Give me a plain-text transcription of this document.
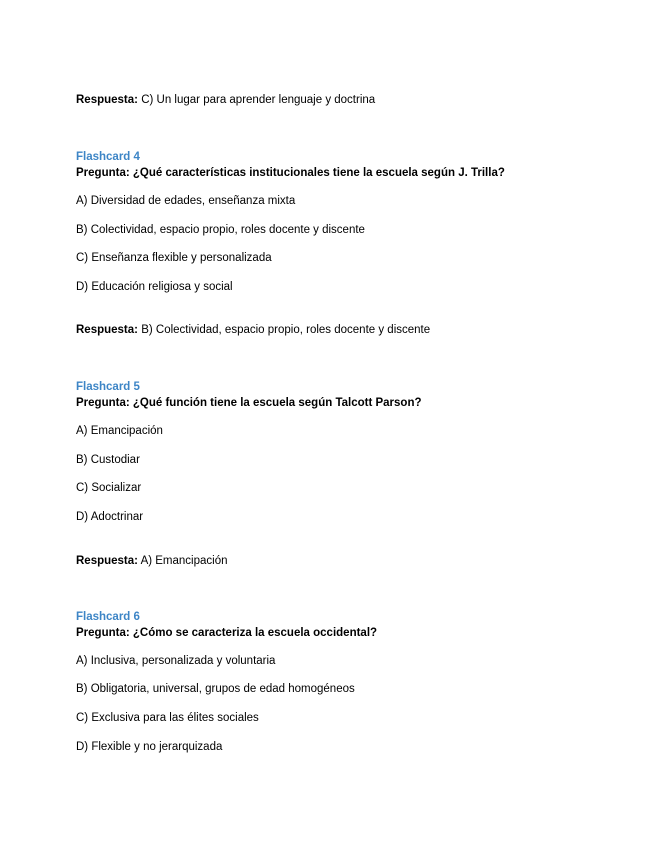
Respuesta: C) Un lugar para aprender lenguaje y doctrina
Flashcard 4
Pregunta: ¿Qué características institucionales tiene la escuela según J. Trilla?
A) Diversidad de edades, enseñanza mixta
B) Colectividad, espacio propio, roles docente y discente
C) Enseñanza flexible y personalizada
D) Educación religiosa y social
Respuesta: B) Colectividad, espacio propio, roles docente y discente
Flashcard 5
Pregunta: ¿Qué función tiene la escuela según Talcott Parson?
A) Emancipación
B) Custodiar
C) Socializar
D) Adoctrinar
Respuesta: A) Emancipación
Flashcard 6
Pregunta: ¿Cómo se caracteriza la escuela occidental?
A) Inclusiva, personalizada y voluntaria
B) Obligatoria, universal, grupos de edad homogéneos
C) Exclusiva para las élites sociales
D) Flexible y no jerarquizada
